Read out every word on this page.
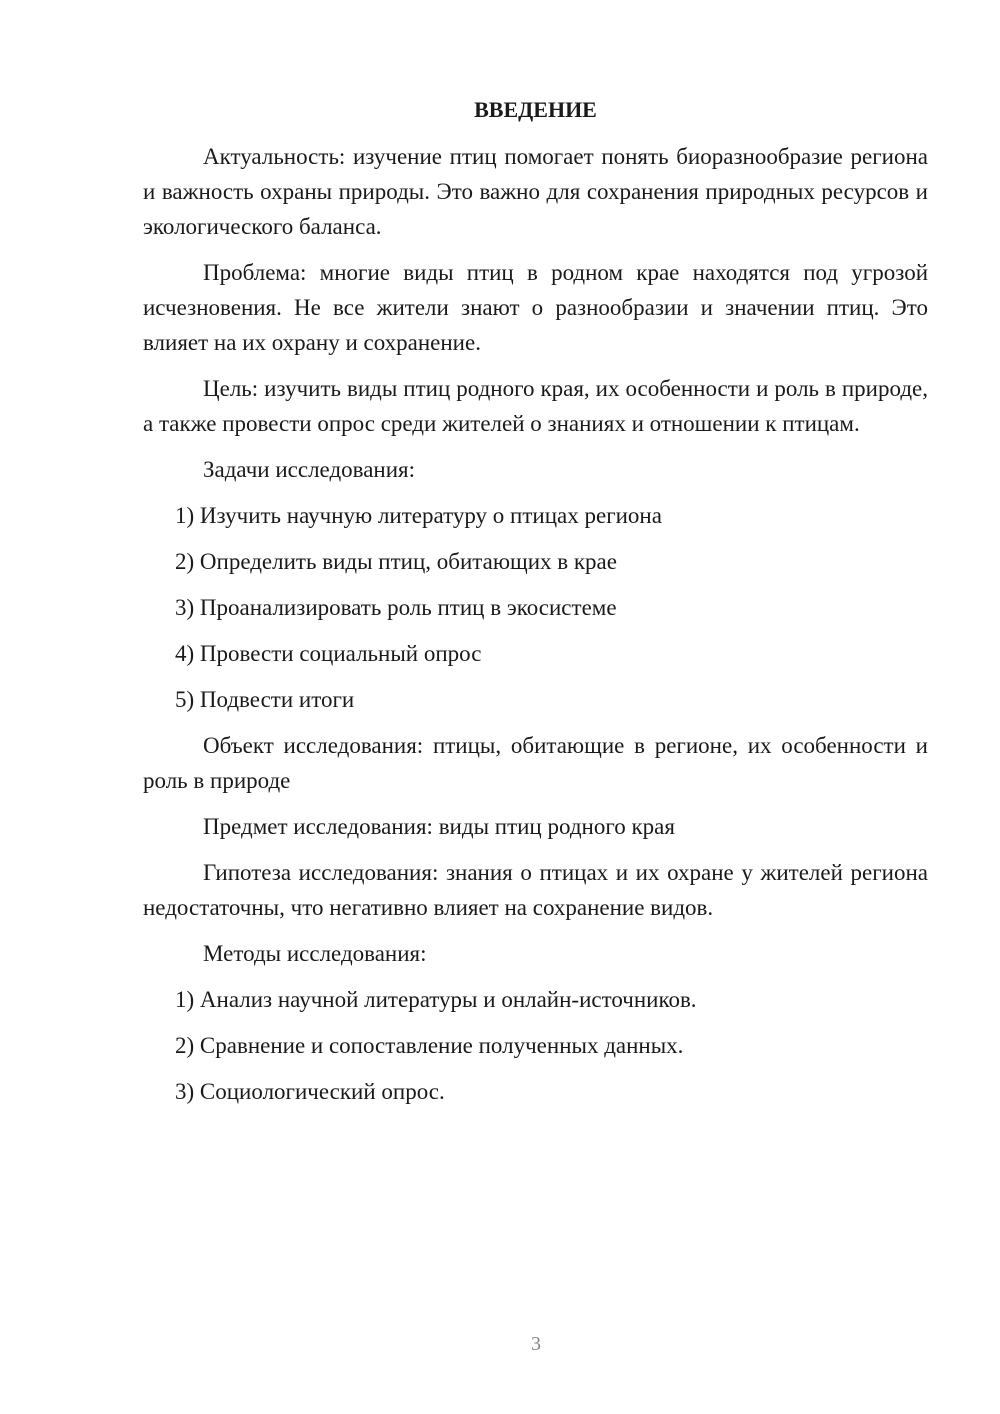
ВВЕДЕНИЕ

Актуальность: изучение птиц помогает понять биоразнообразие региона и важность охраны природы. Это важно для сохранения природных ресурсов и экологического баланса.

Проблема: многие виды птиц в родном крае находятся под угрозой исчезновения. Не все жители знают о разнообразии и значении птиц. Это влияет на их охрану и сохранение.

Цель: изучить виды птиц родного края, их особенности и роль в природе, а также провести опрос среди жителей о знаниях и отношении к птицам.

Задачи исследования:

1) Изучить научную литературу о птицах региона
2) Определить виды птиц, обитающих в крае
3) Проанализировать роль птиц в экосистеме
4) Провести социальный опрос
5) Подвести итоги

Объект исследования: птицы, обитающие в регионе, их особенности и роль в природе

Предмет исследования: виды птиц родного края

Гипотеза исследования: знания о птицах и их охране у жителей региона недостаточны, что негативно влияет на сохранение видов.

Методы исследования:

1) Анализ научной литературы и онлайн-источников.
2) Сравнение и сопоставление полученных данных.
3) Социологический опрос.
3
